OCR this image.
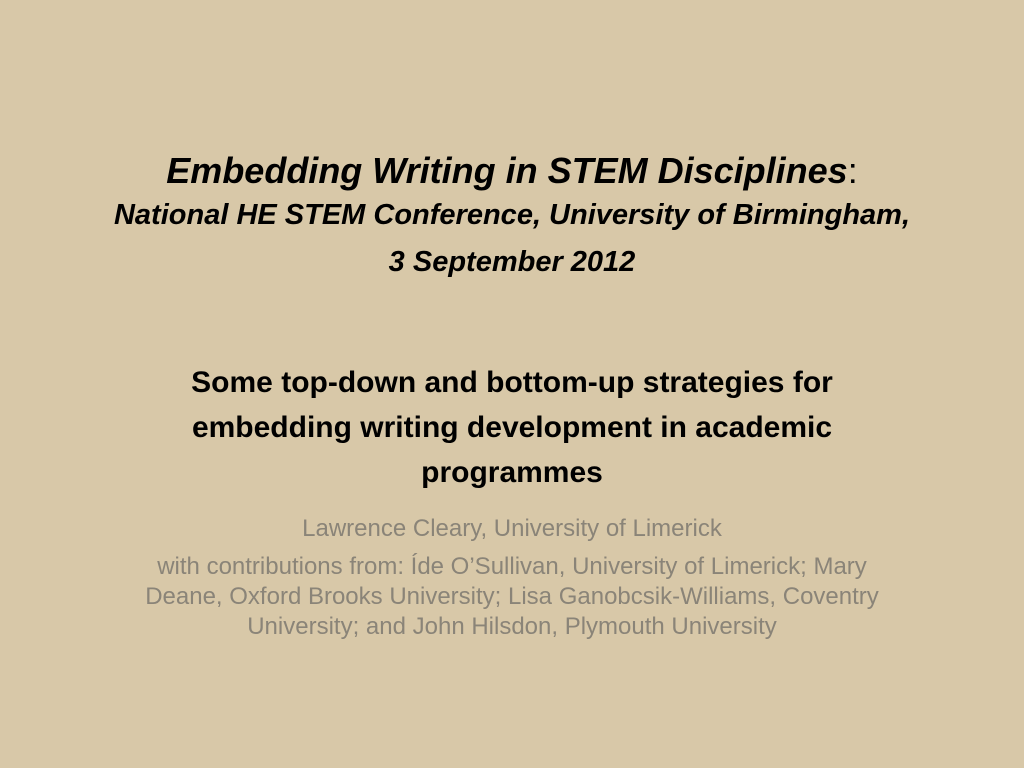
Embedding Writing in STEM Disciplines:
National HE STEM Conference, University of Birmingham, 3 September 2012
Some top-down and bottom-up strategies for embedding writing development in academic programmes
Lawrence Cleary, University of Limerick
with contributions from: Íde O’Sullivan, University of Limerick; Mary Deane, Oxford Brooks University; Lisa Ganobcsik-Williams, Coventry University; and John Hilsdon, Plymouth University
